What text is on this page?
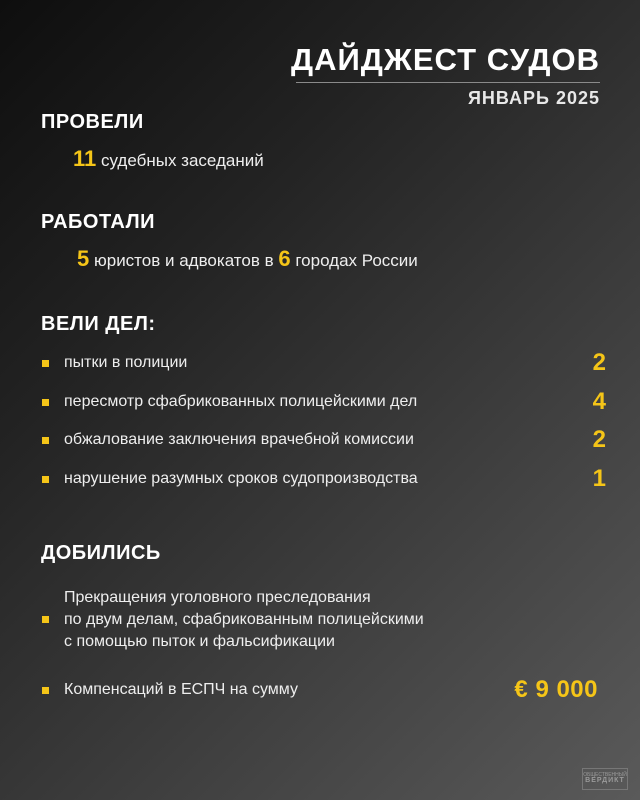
ДАЙДЖЕСТ СУДОВ
ЯНВАРЬ 2025
ПРОВЕЛИ
11 судебных заседаний
РАБОТАЛИ
5 юристов и адвокатов в 6 городах России
ВЕЛИ ДЕЛ:
пытки в полиции	2
пересмотр сфабрикованных полицейскими дел	4
обжалование заключения врачебной комиссии	2
нарушение разумных сроков судопроизводства	1
ДОБИЛИСЬ
Прекращения уголовного преследования
по двум делам, сфабрикованным полицейскими
с помощью пыток и фальсификации
Компенсаций в ЕСПЧ на сумму	€ 9 000
ОБЩЕСТВЕННЫЙ
ВЕРДИКТ
